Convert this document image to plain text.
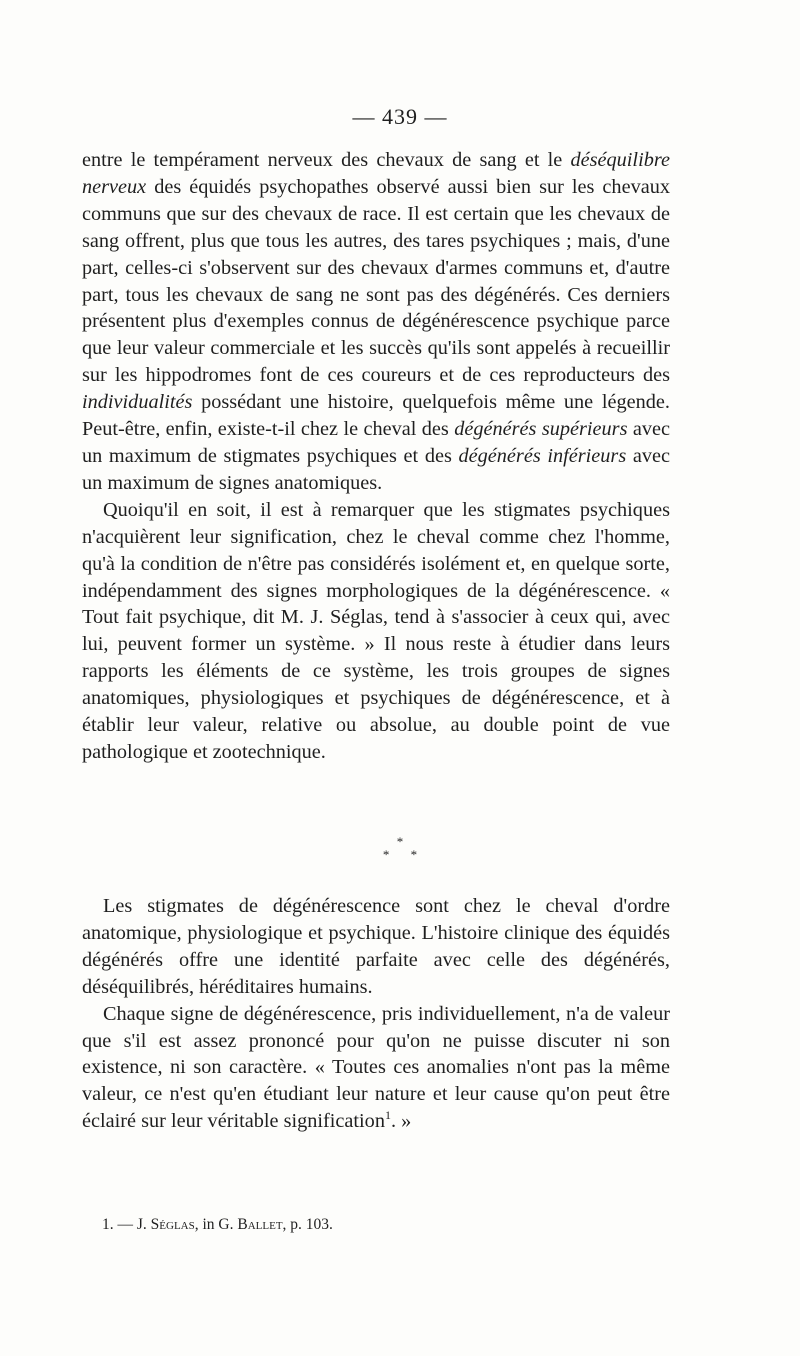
— 439 —

entre le tempérament nerveux des chevaux de sang et le déséquilibre nerveux des équidés psychopathes observé aussi bien sur les chevaux communs que sur des chevaux de race. Il est certain que les chevaux de sang offrent, plus que tous les autres, des tares psychiques ; mais, d'une part, celles-ci s'observent sur des chevaux d'armes communs et, d'autre part, tous les chevaux de sang ne sont pas des dégénérés. Ces derniers présentent plus d'exemples connus de dégénérescence psychique parce que leur valeur commerciale et les succès qu'ils sont appelés à recueillir sur les hippodromes font de ces coureurs et de ces reproducteurs des individualités possédant une histoire, quelquefois même une légende. Peut-être, enfin, existe-t-il chez le cheval des dégénérés supérieurs avec un maximum de stigmates psychiques et des dégénérés inférieurs avec un maximum de signes anatomiques.

Quoiqu'il en soit, il est à remarquer que les stigmates psychiques n'acquièrent leur signification, chez le cheval comme chez l'homme, qu'à la condition de n'être pas considérés isolément et, en quelque sorte, indépendamment des signes morphologiques de la dégénérescence. « Tout fait psychique, dit M. J. Séglas, tend à s'associer à ceux qui, avec lui, peuvent former un système. » Il nous reste à étudier dans leurs rapports les éléments de ce système, les trois groupes de signes anatomiques, physiologiques et psychiques de dégénérescence, et à établir leur valeur, relative ou absolue, au double point de vue pathologique et zootechnique.

*
* *

Les stigmates de dégénérescence sont chez le cheval d'ordre anatomique, physiologique et psychique. L'histoire clinique des équidés dégénérés offre une identité parfaite avec celle des dégénérés, déséquilibrés, héréditaires humains.

Chaque signe de dégénérescence, pris individuellement, n'a de valeur que s'il est assez prononcé pour qu'on ne puisse discuter ni son existence, ni son caractère. « Toutes ces anomalies n'ont pas la même valeur, ce n'est qu'en étudiant leur nature et leur cause qu'on peut être éclairé sur leur véritable signification$^1$. »

1. — J. Séglas, in G. Ballet, p. 103.
